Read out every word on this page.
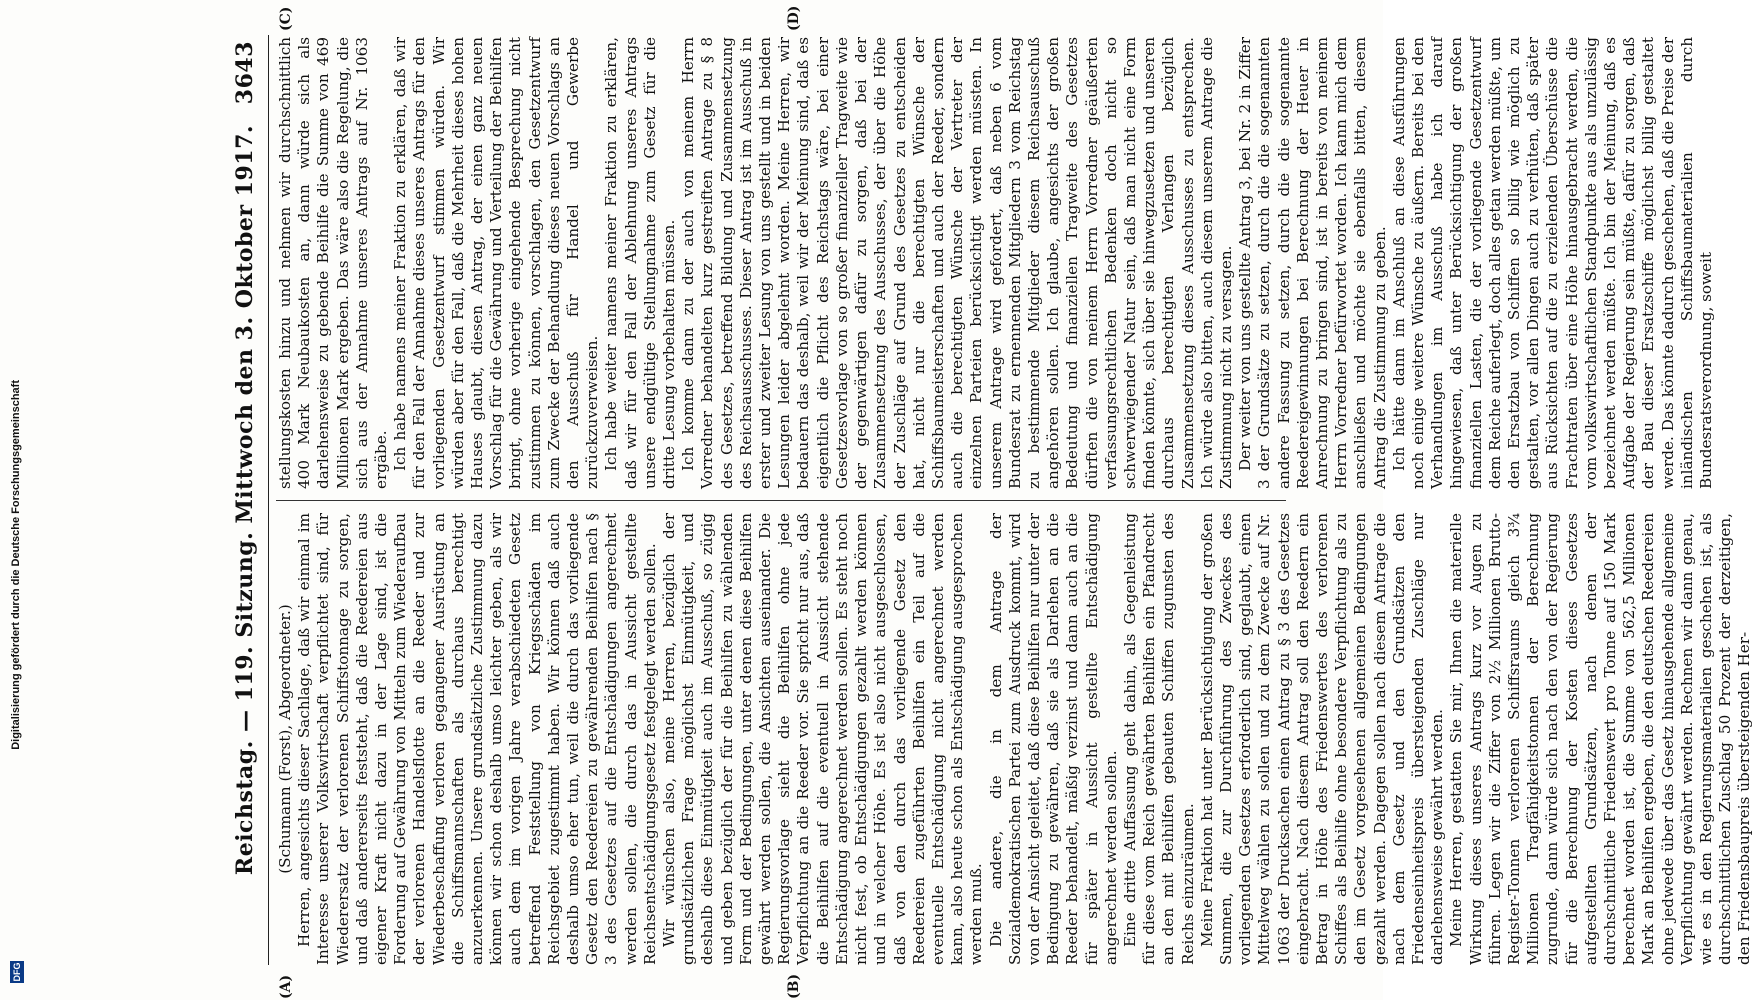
Digitalisierung gefördert durch die Deutsche Forschungsgemeinschaft
DFG
Reichstag. — 119. Sitzung. Mittwoch den 3. Oktober 1917.
3643
(A)	(B)
(C)	(D)

(Schumann (Forst), Abgeordneter.) Herren, angesichts dieser Sachlage, daß wir einmal im Interesse unserer Volkswirtschaft verpflichtet sind, für Wiederersatz der verlorenen Schiffstonnage zu sorgen, und daß andererseits feststeht, daß die Reedereien aus eigener Kraft nicht dazu in der Lage sind, ist die Forderung auf Gewährung von Mitteln zum Wiederaufbau der verlorenen Handelsflotte an die Reeder und zur Wiederbeschaffung verloren gegangener Ausrüstung an die Schiffsmannschaften als durchaus berechtigt anzuerkennen. Unsere grundsätzliche Zustimmung dazu können wir schon deshalb umso leichter geben, als wir auch dem im vorigen Jahre verabschiedeten Gesetz betreffend Feststellung von Kriegsschäden im Reichsgebiet zugestimmt haben. Wir können daß auch deshalb umso eher tun, weil die durch das vorliegende Gesetz den Reedereien zu gewährenden Beihilfen nach § 3 des Gesetzes auf die Entschädigungen angerechnet werden sollen, die durch das in Aussicht gestellte Reichsentschädigungsgesetz festgelegt werden sollen. Wir wünschen also, meine Herren, bezüglich der grundsätzlichen Frage möglichst Einmütigkeit, und deshalb diese Einmütigkeit auch im Ausschuß, so zügig und geben bezüglich der für die Beihilfen zu wählenden Form und der Bedingungen, unter denen diese Beihilfen gewährt werden sollen, die Ansichten auseinander. Die Regierungsvorlage sieht die Beihilfen ohne jede Verpflichtung an die Reeder vor. Sie spricht nur aus, daß die Beihilfen auf die eventuell in Aussicht stehende Entschädigung angerechnet werden sollen. Es steht noch nicht fest, ob Entschädigungen gezahlt werden können und in welcher Höhe. Es ist also nicht ausgeschlossen, daß von den durch das vorliegende Gesetz den Reedereien zugeführten Beihilfen ein Teil auf die eventuelle Entschädigung nicht angerechnet werden kann, also heute schon als Entschädigung ausgesprochen werden muß. Die andere, die in dem Antrage der Sozialdemokratischen Partei zum Ausdruck kommt, wird von der Ansicht geleitet, daß diese Beihilfen nur unter der Bedingung zu gewähren, daß sie als Darlehen an die Reeder behandelt, mäßig verzinst und dann auch an die für später in Aussicht gestellte Entschädigung angerechnet werden sollen. Eine dritte Auffassung geht dahin, als Gegenleistung für diese vom Reich gewährten Beihilfen ein Pfandrecht an den mit Beihilfen gebauten Schiffen zugunsten des Reichs einzuräumen. Meine Fraktion hat unter Berücksichtigung der großen Summen, die zur Durchführung des Zweckes des vorliegenden Gesetzes erforderlich sind, geglaubt, einen Mittelweg wählen zu sollen und zu dem Zwecke auf Nr. 1063 der Drucksachen einen Antrag zu § 3 des Gesetzes eingebracht. Nach diesem Antrag soll den Reedern ein Betrag in Höhe des Friedenswertes des verlorenen Schiffes als Beihilfe ohne besondere Verpflichtung als zu den im Gesetz vorgesehenen allgemeinen Bedingungen gezahlt werden. Dagegen sollen nach diesem Antrage die nach dem Gesetz und den Grundsätzen den Friedenseinheitspreis übersteigenden Zuschläge nur darlehensweise gewährt werden. Meine Herren, gestatten Sie mir, Ihnen die materielle Wirkung dieses unseres Antrags kurz vor Augen zu führen. Legen wir die Ziffer von 2½ Millionen Brutto-Register-Tonnen verlorenen Schiffsraums gleich 3¾ Millionen Tragfähigkeitstonnen der Berechnung zugrunde, dann würde sich nach den von der Regierung für die Berechnung der Kosten dieses Gesetzes aufgestellten Grundsätzen, nach denen der durchschnittliche Friedenswert pro Tonne auf 150 Mark berechnet worden ist, die Summe von 562,5 Millionen Mark an Beihilfen ergeben, die den deutschen Reedereien ohne jedwede über das Gesetz hinausgehende allgemeine Verpflichtung gewährt werden. Rechnen wir dann genau, wie es in den Regierungsmaterialien geschehen ist, als durchschnittlichen Zuschlag 50 Prozent der derzeitigen, den Friedensbaupreis übersteigenden Her-

stellungskosten hinzu und nehmen wir durchschnittlich 400 Mark Neubaukosten an, dann würde sich als darlehensweise zu gebende Beihilfe die Summe von 469 Millionen Mark ergeben. Das wäre also die Regelung, die sich aus der Annahme unseres Antrags auf Nr. 1063 ergäbe. Ich habe namens meiner Fraktion zu erklären, daß wir für den Fall der Annahme dieses unseres Antrags für den vorliegenden Gesetzentwurf stimmen würden. Wir würden aber für den Fall, daß die Mehrheit dieses hohen Hauses glaubt, diesen Antrag, der einen ganz neuen Vorschlag für die Gewährung und Verteilung der Beihilfen bringt, ohne vorherige eingehende Besprechung nicht zustimmen zu können, vorschlagen, den Gesetzentwurf zum Zwecke der Behandlung dieses neuen Vorschlags an den Ausschuß für Handel und Gewerbe zurückzuverweisen. Ich habe weiter namens meiner Fraktion zu erklären, daß wir für den Fall der Ablehnung unseres Antrags unsere endgültige Stellungnahme zum Gesetz für die dritte Lesung vorbehalten müssen. Ich komme dann zu der auch von meinem Herrn Vorredner behandelten kurz gestreiften Antrage zu § 8 des Gesetzes, betreffend Bildung und Zusammensetzung des Reichsausschusses. Dieser Antrag ist im Ausschuß in erster und zweiter Lesung von uns gestellt und in beiden Lesungen leider abgelehnt worden. Meine Herren, wir bedauern das deshalb, weil wir der Meinung sind, daß es eigentlich die Pflicht des Reichstags wäre, bei einer Gesetzesvorlage von so großer finanzieller Tragweite wie der gegenwärtigen dafür zu sorgen, daß bei der Zusammensetzung des Ausschusses, der über die Höhe der Zuschläge auf Grund des Gesetzes zu entscheiden hat, nicht nur die berechtigten Wünsche der Schiffsbaumeisterschaften und auch der Reeder, sondern auch die berechtigten Wünsche der Vertreter der einzelnen Parteien berücksichtigt werden müssten. In unserem Antrage wird gefordert, daß neben 6 vom Bundesrat zu ernennenden Mitgliedern 3 vom Reichstag zu bestimmende Mitglieder diesem Reichsausschuß angehören sollen. Ich glaube, angesichts der großen Bedeutung und finanziellen Tragweite des Gesetzes dürften die von meinem Herrn Vorredner geäußerten verfassungsrechtlichen Bedenken doch nicht so schwerwiegender Natur sein, daß man nicht eine Form finden könnte, sich über sie hinwegzusetzen und unseren durchaus berechtigten Verlangen bezüglich Zusammensetzung dieses Ausschusses zu entsprechen. Ich würde also bitten, auch diesem unserem Antrage die Zustimmung nicht zu versagen. Der weiter von uns gestellte Antrag 3, bei Nr. 2 in Ziffer 3 der Grundsätze zu setzen, durch die die sogenannten andere Fassung zu setzen, durch die die sogenannte Reedereigewinnungen bei Berechnung der Heuer in Anrechnung zu bringen sind, ist in bereits von meinem Herrn Vorredner befürwortet worden. Ich kann mich dem anschließen und möchte sie ebenfalls bitten, diesem Antrag die Zustimmung zu geben. Ich hätte dann im Anschluß an diese Ausführungen noch einige weitere Wünsche zu äußern. Bereits bei den Verhandlungen im Ausschuß habe ich darauf hingewiesen, daß unter Berücksichtigung der großen finanziellen Lasten, die der vorliegende Gesetzentwurf dem Reiche auferlegt, doch alles getan werden müßte, um den Ersatzbau von Schiffen so billig wie möglich zu gestalten, vor allen Dingen auch zu verhüten, daß später aus Rücksichten auf die zu erzielenden Überschüsse die Frachtraten über eine Höhe hinausgebracht werden, die vom volkswirtschaftlichen Standpunkte aus als unzulässig bezeichnet werden müßte. Ich bin der Meinung, daß es Aufgabe der Regierung sein müßte, dafür zu sorgen, daß der Bau dieser Ersatzschiffe möglichst billig gestaltet werde. Das könnte dadurch geschehen, daß die Preise der inländischen Schiffsbaumaterialien durch Bundesratsverordnung, soweit
